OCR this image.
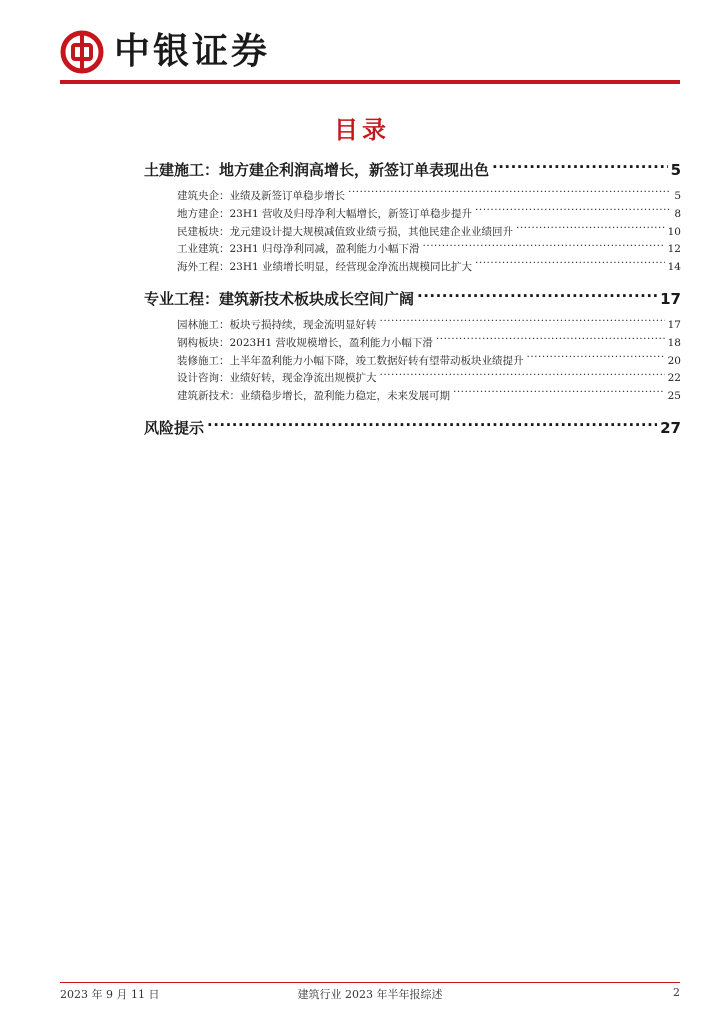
中银证券
目录
土建施工：地方建企利润高增长，新签订单表现出色 .....	5
建筑央企：业绩及新签订单稳步增长 .....	5
地方建企：23H1 营收及归母净利大幅增长，新签订单稳步提升 .....	8
民建板块：龙元建设计提大规模减值致业绩亏损，其他民建企业业绩回升 .....	10
工业建筑：23H1 归母净利同减，盈利能力小幅下滑 .....	12
海外工程：23H1 业绩增长明显，经营现金净流出规模同比扩大 .....	14
专业工程：建筑新技术板块成长空间广阔 .....	17
园林施工：板块亏损持续，现金流明显好转 .....	17
钢构板块：2023H1 营收规模增长，盈利能力小幅下滑 .....	18
装修施工：上半年盈利能力小幅下降，竣工数据好转有望带动板块业绩提升 .....	20
设计咨询：业绩好转，现金净流出规模扩大 .....	22
建筑新技术：业绩稳步增长，盈利能力稳定，未来发展可期 .....	25
风险提示 .....	27
2023 年 9 月 11 日	建筑行业 2023 年半年报综述	2
